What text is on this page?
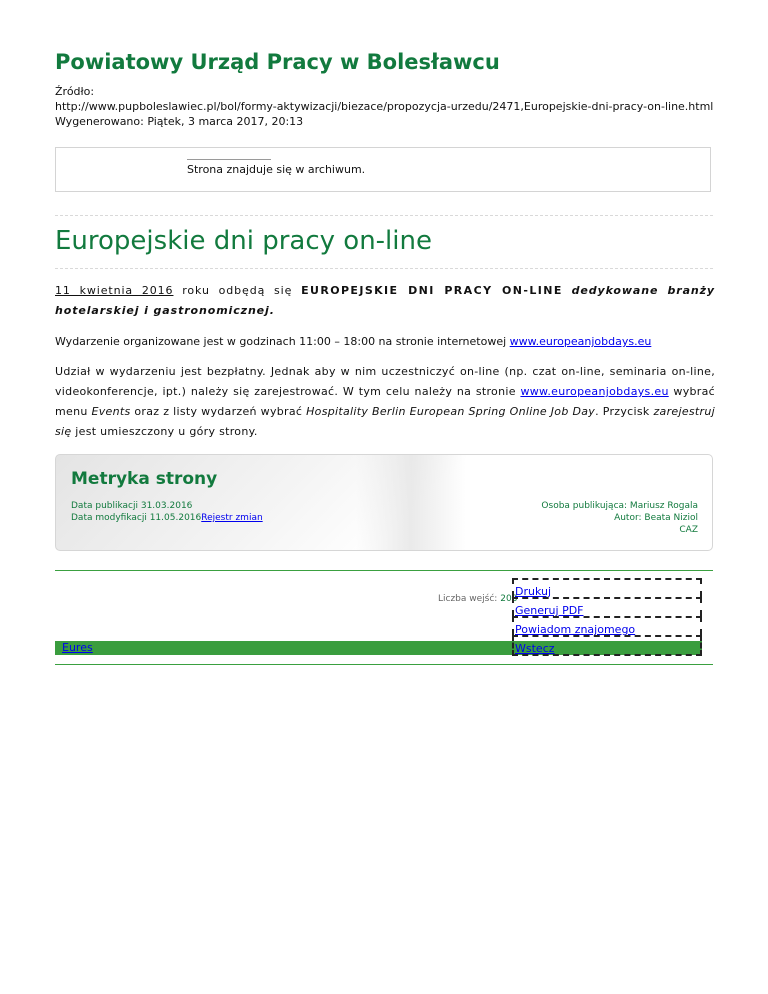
Powiatowy Urząd Pracy w Bolesławcu
Źródło:
http://www.pupboleslawiec.pl/bol/formy-aktywizacji/biezace/propozycja-urzedu/2471,Europejskie-dni-pracy-on-line.html
Wygenerowano: Piątek, 3 marca 2017, 20:13
Strona znajduje się w archiwum.
Europejskie dni pracy on-line

11 kwietnia 2016 roku odbędą się EUROPEJSKIE DNI PRACY ON-LINE dedykowane branży hotelarskiej i gastronomicznej.

Wydarzenie organizowane jest w godzinach 11:00 – 18:00 na stronie internetowej www.europeanjobdays.eu

Udział w wydarzeniu jest bezpłatny. Jednak aby w nim uczestniczyć on-line (np. czat on-line, seminaria on-line, videokonferencje, ipt.) należy się zarejestrować. W tym celu należy na stronie www.europeanjobdays.eu wybrać menu Events oraz z listy wydarzeń wybrać Hospitality Berlin European Spring Online Job Day. Przycisk zarejestruj się jest umieszczony u góry strony.

Metryka strony
Data publikacji 31.03.2016
Data modyfikacji 11.05.2016Rejestr zmian
Osoba publikująca: Mariusz Rogala
Autor: Beata Niziol
CAZ
Liczba wejść: 208
Eures
Drukuj
Generuj PDF
Powiadom znajomego
Wstecz
